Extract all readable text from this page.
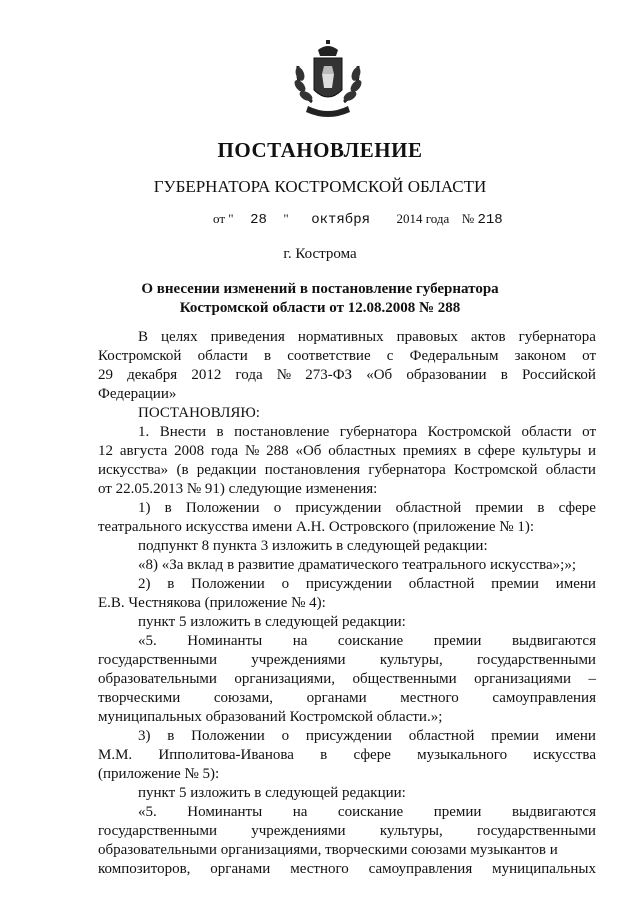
ПОСТАНОВЛЕНИЕ
ГУБЕРНАТОРА КОСТРОМСКОЙ ОБЛАСТИ
от " 28 " октября 2014 года № 218
г. Кострома
О внесении изменений в постановление губернатора
Костромской области от 12.08.2008 № 288
В целях приведения нормативных правовых актов губернатора
Костромской области в соответствие с Федеральным законом от
29 декабря 2012 года № 273-ФЗ «Об образовании в Российской
Федерации»
ПОСТАНОВЛЯЮ:
1. Внести в постановление губернатора Костромской области от
12 августа 2008 года № 288 «Об областных премиях в сфере культуры и
искусства» (в редакции постановления губернатора Костромской области
от 22.05.2013 № 91) следующие изменения:
1) в Положении о присуждении областной премии в сфере
театрального искусства имени А.Н. Островского (приложение № 1):
подпункт 8 пункта 3 изложить в следующей редакции:
«8) «За вклад в развитие драматического театрального искусства»;»;
2) в Положении о присуждении областной премии имени
Е.В. Честнякова (приложение № 4):
пункт 5 изложить в следующей редакции:
«5. Номинанты на соискание премии выдвигаются
государственными учреждениями культуры, государственными
образовательными организациями, общественными организациями –
творческими союзами, органами местного самоуправления
муниципальных образований Костромской области.»;
3) в Положении о присуждении областной премии имени
М.М. Ипполитова-Иванова в сфере музыкального искусства
(приложение № 5):
пункт 5 изложить в следующей редакции:
«5. Номинанты на соискание премии выдвигаются
государственными учреждениями культуры, государственными
образовательными организациями, творческими союзами музыкантов и
композиторов, органами местного самоуправления муниципальных
